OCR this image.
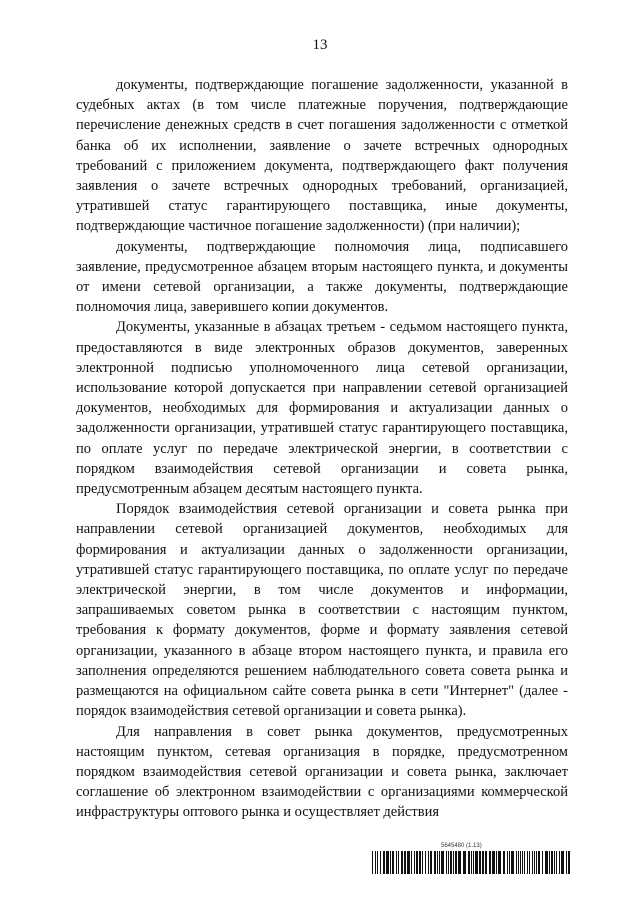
13

документы, подтверждающие погашение задолженности, указанной в судебных актах (в том числе платежные поручения, подтверждающие перечисление денежных средств в счет погашения задолженности с отметкой банка об их исполнении, заявление о зачете встречных однородных требований с приложением документа, подтверждающего факт получения заявления о зачете встречных однородных требований, организацией, утратившей статус гарантирующего поставщика, иные документы, подтверждающие частичное погашение задолженности) (при наличии);

документы, подтверждающие полномочия лица, подписавшего заявление, предусмотренное абзацем вторым настоящего пункта, и документы от имени сетевой организации, а также документы, подтверждающие полномочия лица, заверившего копии документов.

Документы, указанные в абзацах третьем - седьмом настоящего пункта, предоставляются в виде электронных образов документов, заверенных электронной подписью уполномоченного лица сетевой организации, использование которой допускается при направлении сетевой организацией документов, необходимых для формирования и актуализации данных о задолженности организации, утратившей статус гарантирующего поставщика, по оплате услуг по передаче электрической энергии, в соответствии с порядком взаимодействия сетевой организации и совета рынка, предусмотренным абзацем десятым настоящего пункта.

Порядок взаимодействия сетевой организации и совета рынка при направлении сетевой организацией документов, необходимых для формирования и актуализации данных о задолженности организации, утратившей статус гарантирующего поставщика, по оплате услуг по передаче электрической энергии, в том числе документов и информации, запрашиваемых советом рынка в соответствии с настоящим пунктом, требования к формату документов, форме и формату заявления сетевой организации, указанного в абзаце втором настоящего пункта, и правила его заполнения определяются решением наблюдательного совета совета рынка и размещаются на официальном сайте совета рынка в сети "Интернет" (далее - порядок взаимодействия сетевой организации и совета рынка).

Для направления в совет рынка документов, предусмотренных настоящим пунктом, сетевая организация в порядке, предусмотренном порядком взаимодействия сетевой организации и совета рынка, заключает соглашение об электронном взаимодействии с организациями коммерческой инфраструктуры оптового рынка и осуществляет действия

5645480 (1.13)
